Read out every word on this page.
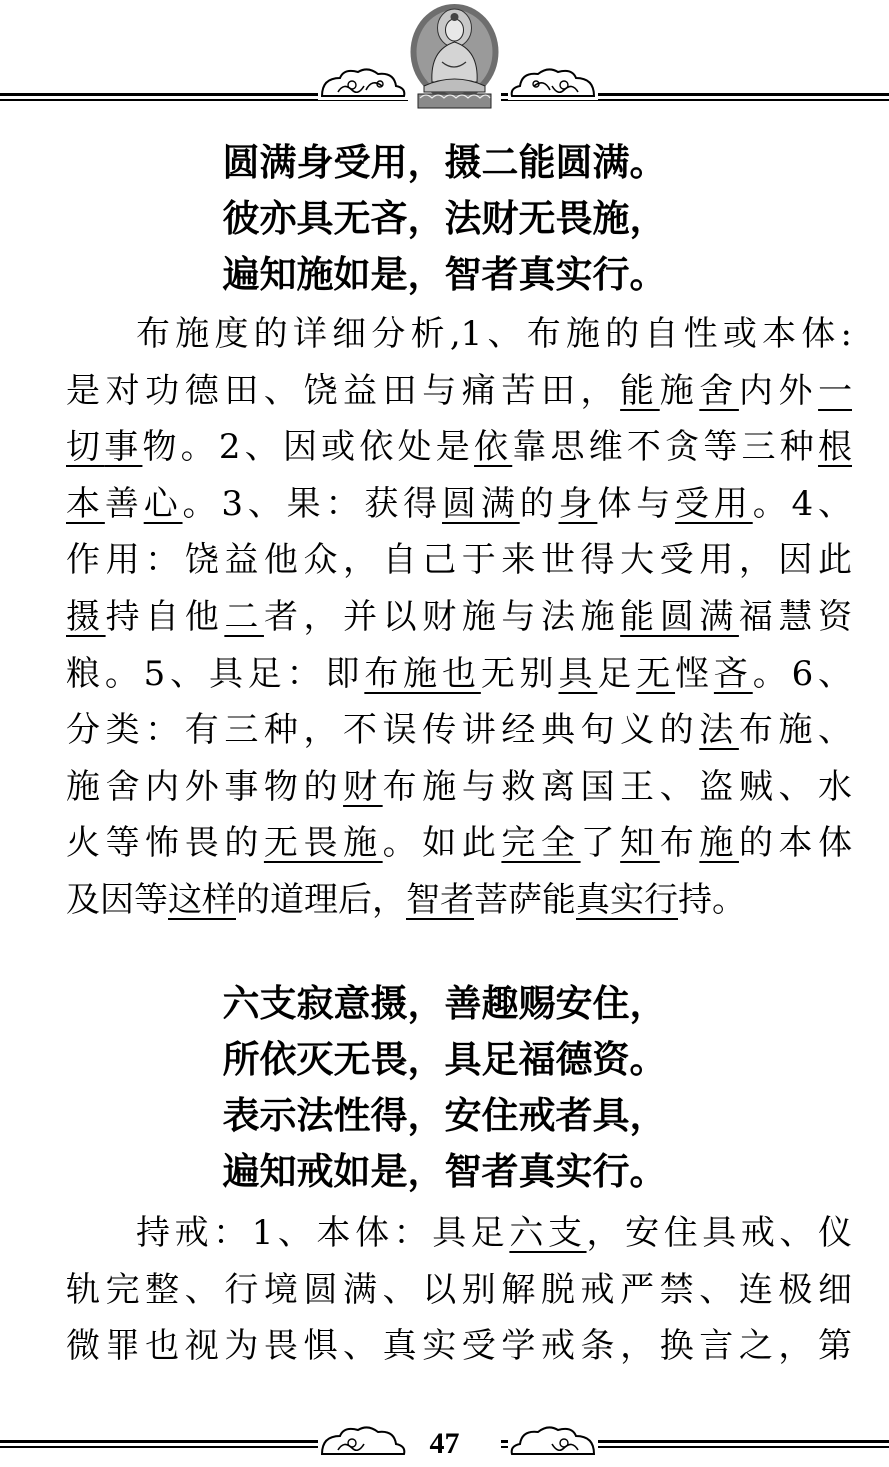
圆满身受用，摄二能圆满。
彼亦具无吝，法财无畏施，
遍知施如是，智者真实行。
布施度的详细分析,1、布施的自性或本体:
是对功德田、饶益田与痛苦田，能施舍内外一
切事物。2、因或依处是依靠思维不贪等三种根
本善心。3、果：获得圆满的身体与受用。4、
作用：饶益他众，自己于来世得大受用，因此
摄持自他二者，并以财施与法施能圆满福慧资
粮。5、具足：即布施也无别具足无悭吝。6、
分类：有三种，不误传讲经典句义的法布施、
施舍内外事物的财布施与救离国王、盗贼、水
火等怖畏的无畏施。如此完全了知布施的本体
及因等这样的道理后，智者菩萨能真实行持。
六支寂意摄，善趣赐安住，
所依灭无畏，具足福德资。
表示法性得，安住戒者具，
遍知戒如是，智者真实行。
持戒：1、本体：具足六支，安住具戒、仪
轨完整、行境圆满、以别解脱戒严禁、连极细
微罪也视为畏惧、真实受学戒条，换言之，第
47
